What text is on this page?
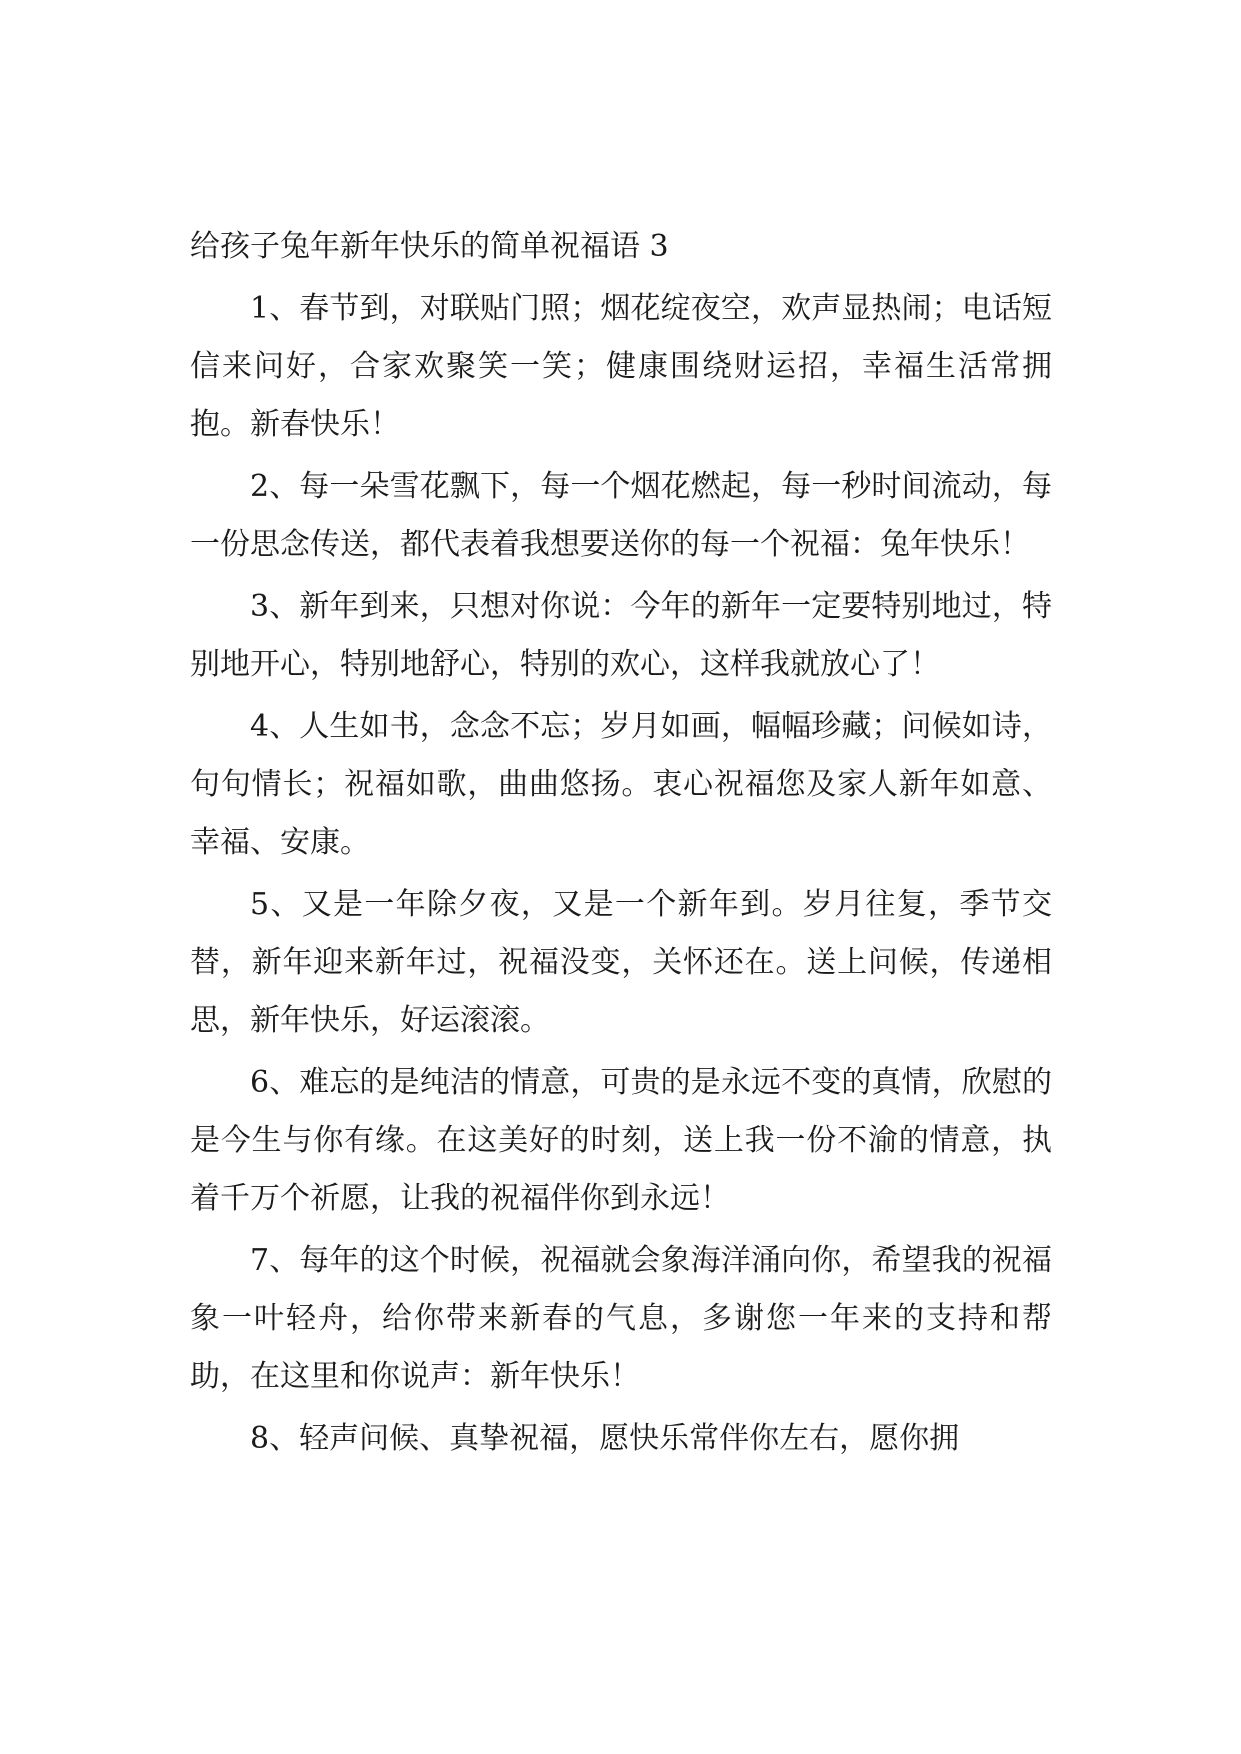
给孩子兔年新年快乐的简单祝福语 3

1、春节到，对联贴门照；烟花绽夜空，欢声显热闹；电话短信来问好，合家欢聚笑一笑；健康围绕财运招，幸福生活常拥抱。新春快乐！

2、每一朵雪花飘下，每一个烟花燃起，每一秒时间流动，每一份思念传送，都代表着我想要送你的每一个祝福：兔年快乐！

3、新年到来，只想对你说：今年的新年一定要特别地过，特别地开心，特别地舒心，特别的欢心，这样我就放心了！

4、人生如书，念念不忘；岁月如画，幅幅珍藏；问候如诗，句句情长；祝福如歌，曲曲悠扬。衷心祝福您及家人新年如意、幸福、安康。

5、又是一年除夕夜，又是一个新年到。岁月往复，季节交替，新年迎来新年过，祝福没变，关怀还在。送上问候，传递相思，新年快乐，好运滚滚。

6、难忘的是纯洁的情意，可贵的是永远不变的真情，欣慰的是今生与你有缘。在这美好的时刻，送上我一份不渝的情意，执着千万个祈愿，让我的祝福伴你到永远！

7、每年的这个时候，祝福就会象海洋涌向你，希望我的祝福象一叶轻舟，给你带来新春的气息，多谢您一年来的支持和帮助，在这里和你说声：新年快乐！

8、轻声问候、真挚祝福，愿快乐常伴你左右，愿你拥
